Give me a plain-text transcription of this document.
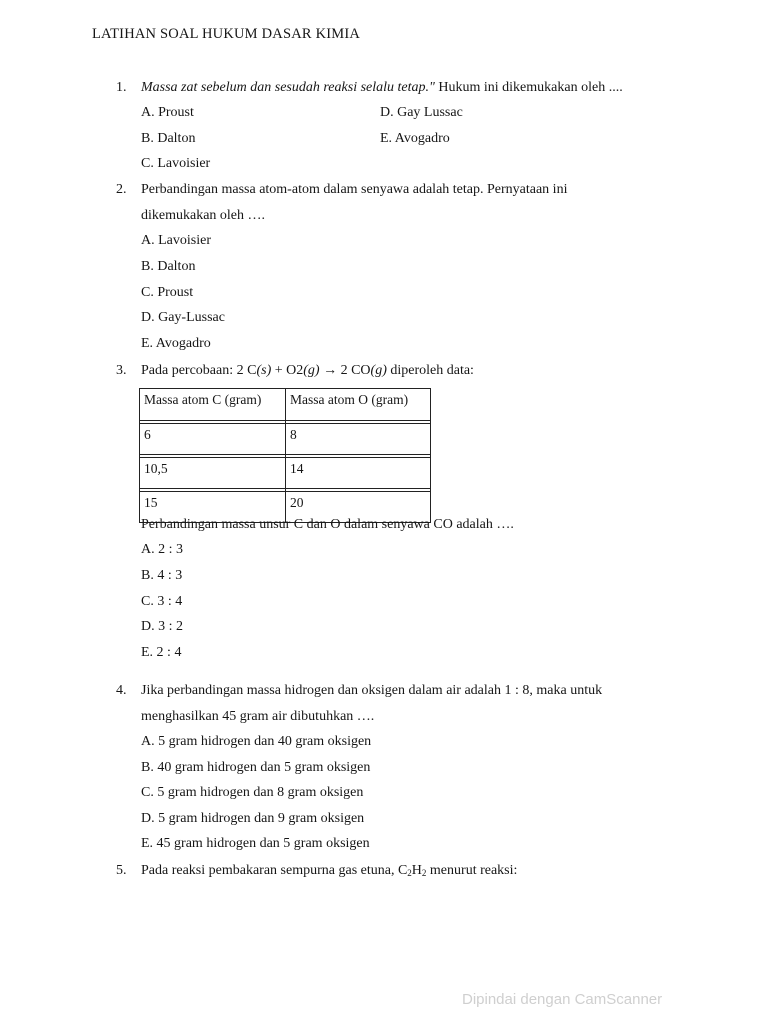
LATIHAN SOAL HUKUM DASAR KIMIA
1. Massa zat sebelum dan sesudah reaksi selalu tetap." Hukum ini dikemukakan oleh ....
A. Proust	D. Gay Lussac
B. Dalton	E. Avogadro
C. Lavoisier
2. Perbandingan massa atom-atom dalam senyawa adalah tetap. Pernyataan ini
dikemukakan oleh ….
A. Lavoisier
B. Dalton
C. Proust
D. Gay-Lussac
E. Avogadro
3. Pada percobaan: 2 C(s) + O2(g) → 2 CO(g) diperoleh data:
Massa atom C (gram)	Massa atom O (gram)

6	8

10,5	14

15	20
Perbandingan massa unsur C dan O dalam senyawa CO adalah ….
A. 2 : 3
B. 4 : 3
C. 3 : 4
D. 3 : 2
E. 2 : 4
4. Jika perbandingan massa hidrogen dan oksigen dalam air adalah 1 : 8, maka untuk
menghasilkan 45 gram air dibutuhkan ….
A. 5 gram hidrogen dan 40 gram oksigen
B. 40 gram hidrogen dan 5 gram oksigen
C. 5 gram hidrogen dan 8 gram oksigen
D. 5 gram hidrogen dan 9 gram oksigen
E. 45 gram hidrogen dan 5 gram oksigen
5. Pada reaksi pembakaran sempurna gas etuna, $C_2H_2$ menurut reaksi:
Dipindai dengan CamScanner
